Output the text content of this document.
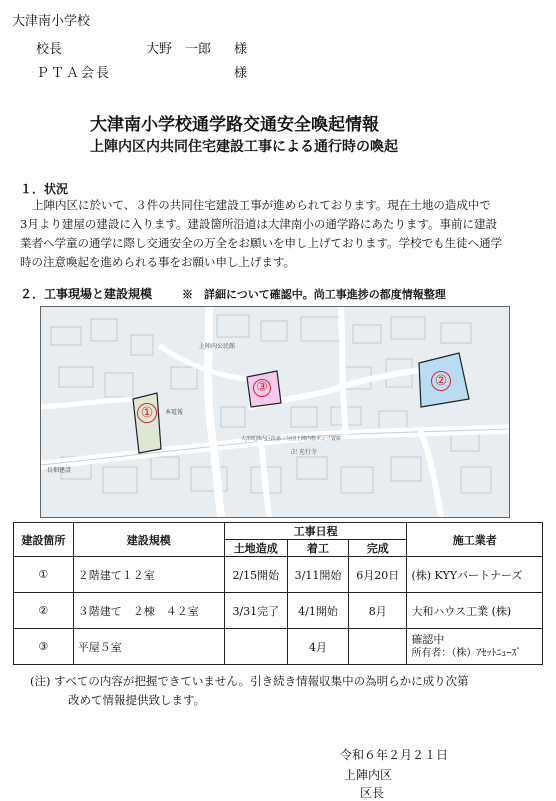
大津南小学校
校長	大野　一郎 様
ＰＴＡ会長	様
大津南小学校通学路交通安全喚起情報
上陣内区内共同住宅建設工事による通行時の喚起
１．状況
上陣内区に於いて、３件の共同住宅建設工事が進められております。現在土地の造成中で
3月より建屋の建設に入ります。建設箇所沿道は大津南小の通学路にあたります。事前に建設
業者へ学童の通学に際し交通安全の万全をお願いを申し上げております。学校でも生徒へ通学
時の注意喚起を進められる事をお願い申し上げます。
２．工事現場と建設規模	※　詳細について確認中。尚工事進捗の都度情報整理
①
②
③
上陣内公民館
本電報
大津町陣内区段第三分団上陣内格ポンプ置庫
卍 光行寺
長畑建設
建設箇所	建設規模	工事日程			施工業者
		土地造成	着工	完成	
①	２階建て１２室	2/15開始	3/11開始	6月20日	(株) KYYパートナーズ
②	３階建て　２棟　４２室	3/31完了	4/1開始	8月	大和ハウス工業 (株)
③	平屋５室		4月		確認中
所有者：（株）ｱｾｯﾄﾆｭｰｽﾞ
(注) すべての内容が把握できていません。引き続き情報収集中の為明らかに成り次第
改めて情報提供致します。
令和６年２月２１日
上陣内区
区長
